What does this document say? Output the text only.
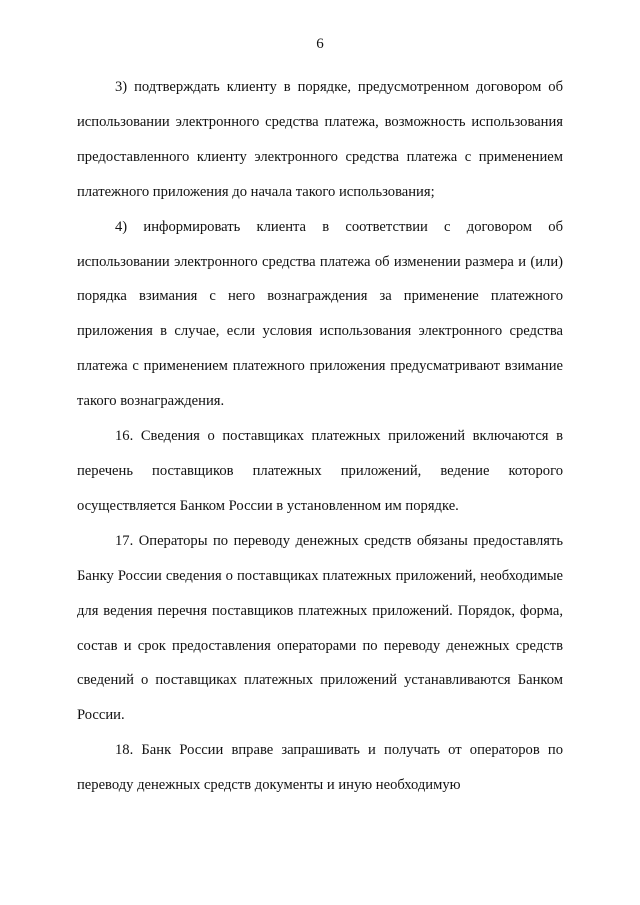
6

3) подтверждать клиенту в порядке, предусмотренном договором об использовании электронного средства платежа, возможность использования предоставленного клиенту электронного средства платежа с применением платежного приложения до начала такого использования;

4) информировать клиента в соответствии с договором об использовании электронного средства платежа об изменении размера и (или) порядка взимания с него вознаграждения за применение платежного приложения в случае, если условия использования электронного средства платежа с применением платежного приложения предусматривают взимание такого вознаграждения.

16. Сведения о поставщиках платежных приложений включаются в перечень поставщиков платежных приложений, ведение которого осуществляется Банком России в установленном им порядке.

17. Операторы по переводу денежных средств обязаны предоставлять Банку России сведения о поставщиках платежных приложений, необходимые для ведения перечня поставщиков платежных приложений. Порядок, форма, состав и срок предоставления операторами по переводу денежных средств сведений о поставщиках платежных приложений устанавливаются Банком России.

18. Банк России вправе запрашивать и получать от операторов по переводу денежных средств документы и иную необходимую
